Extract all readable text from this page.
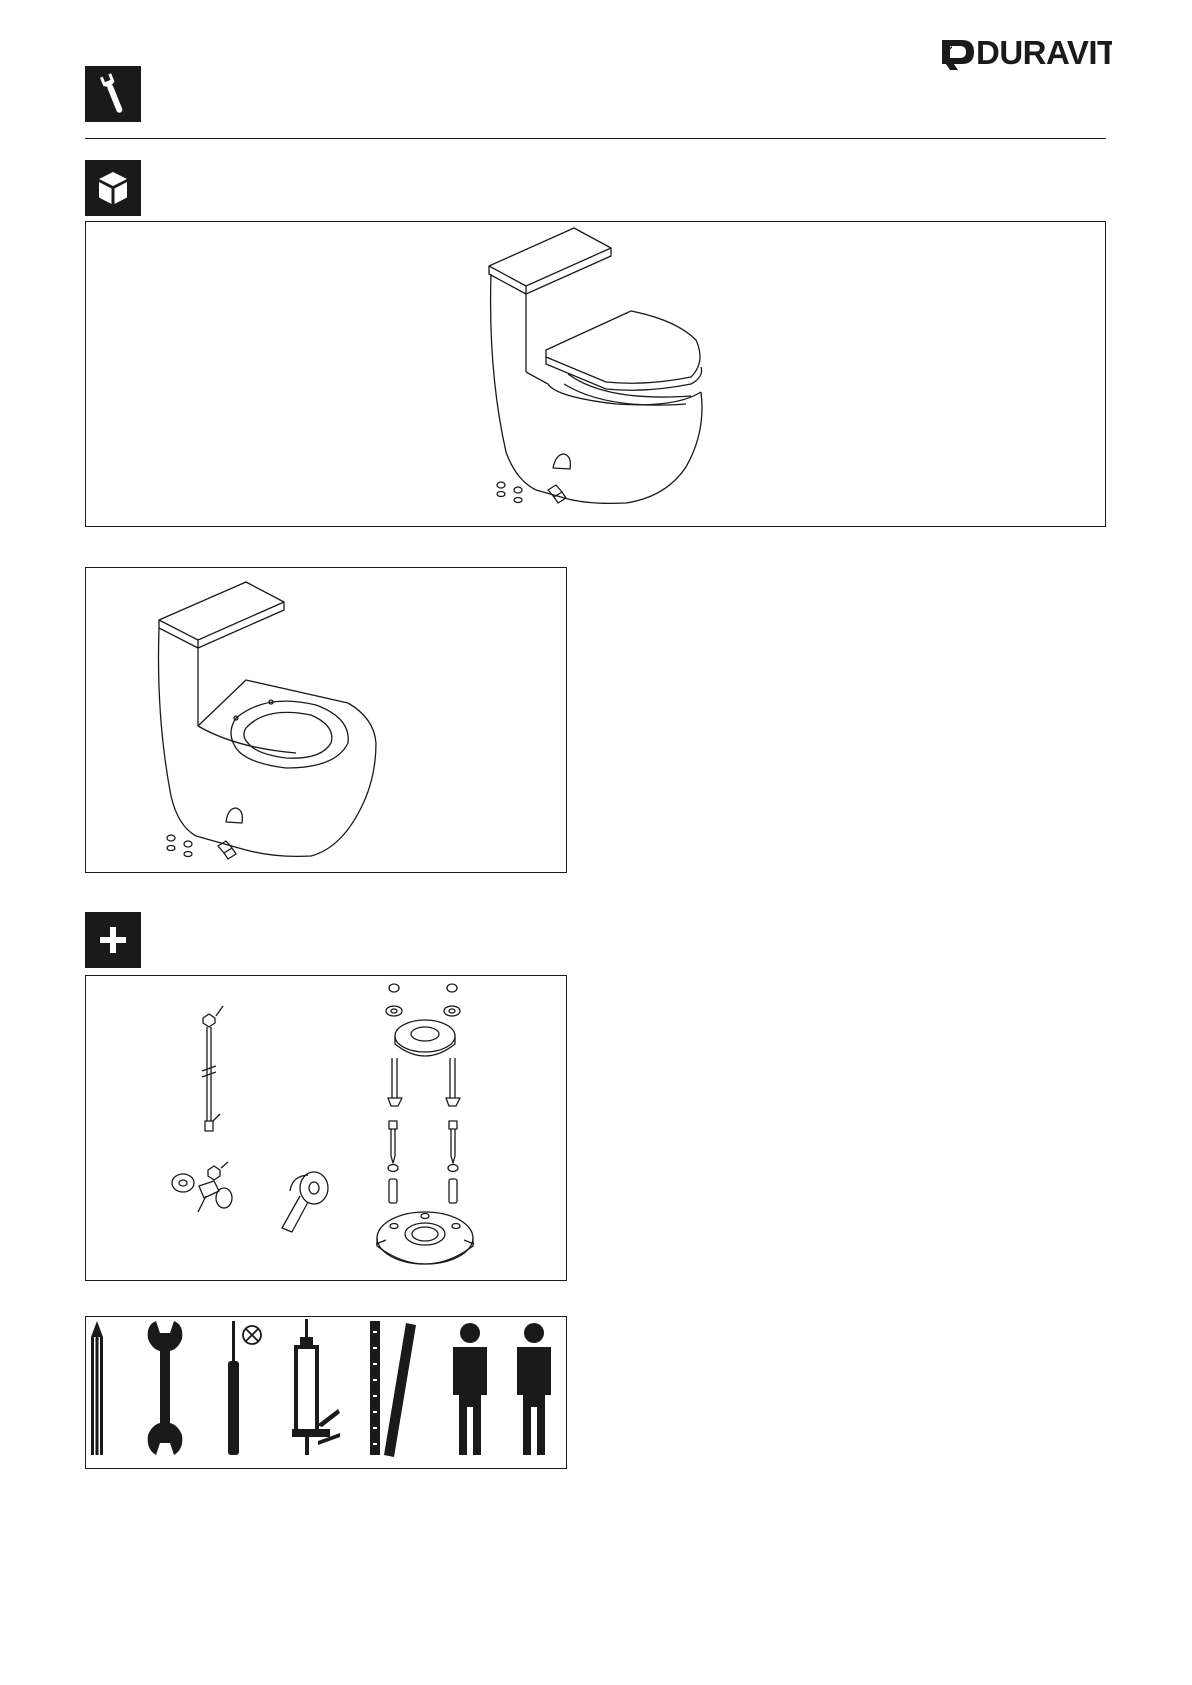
DURAVIT
